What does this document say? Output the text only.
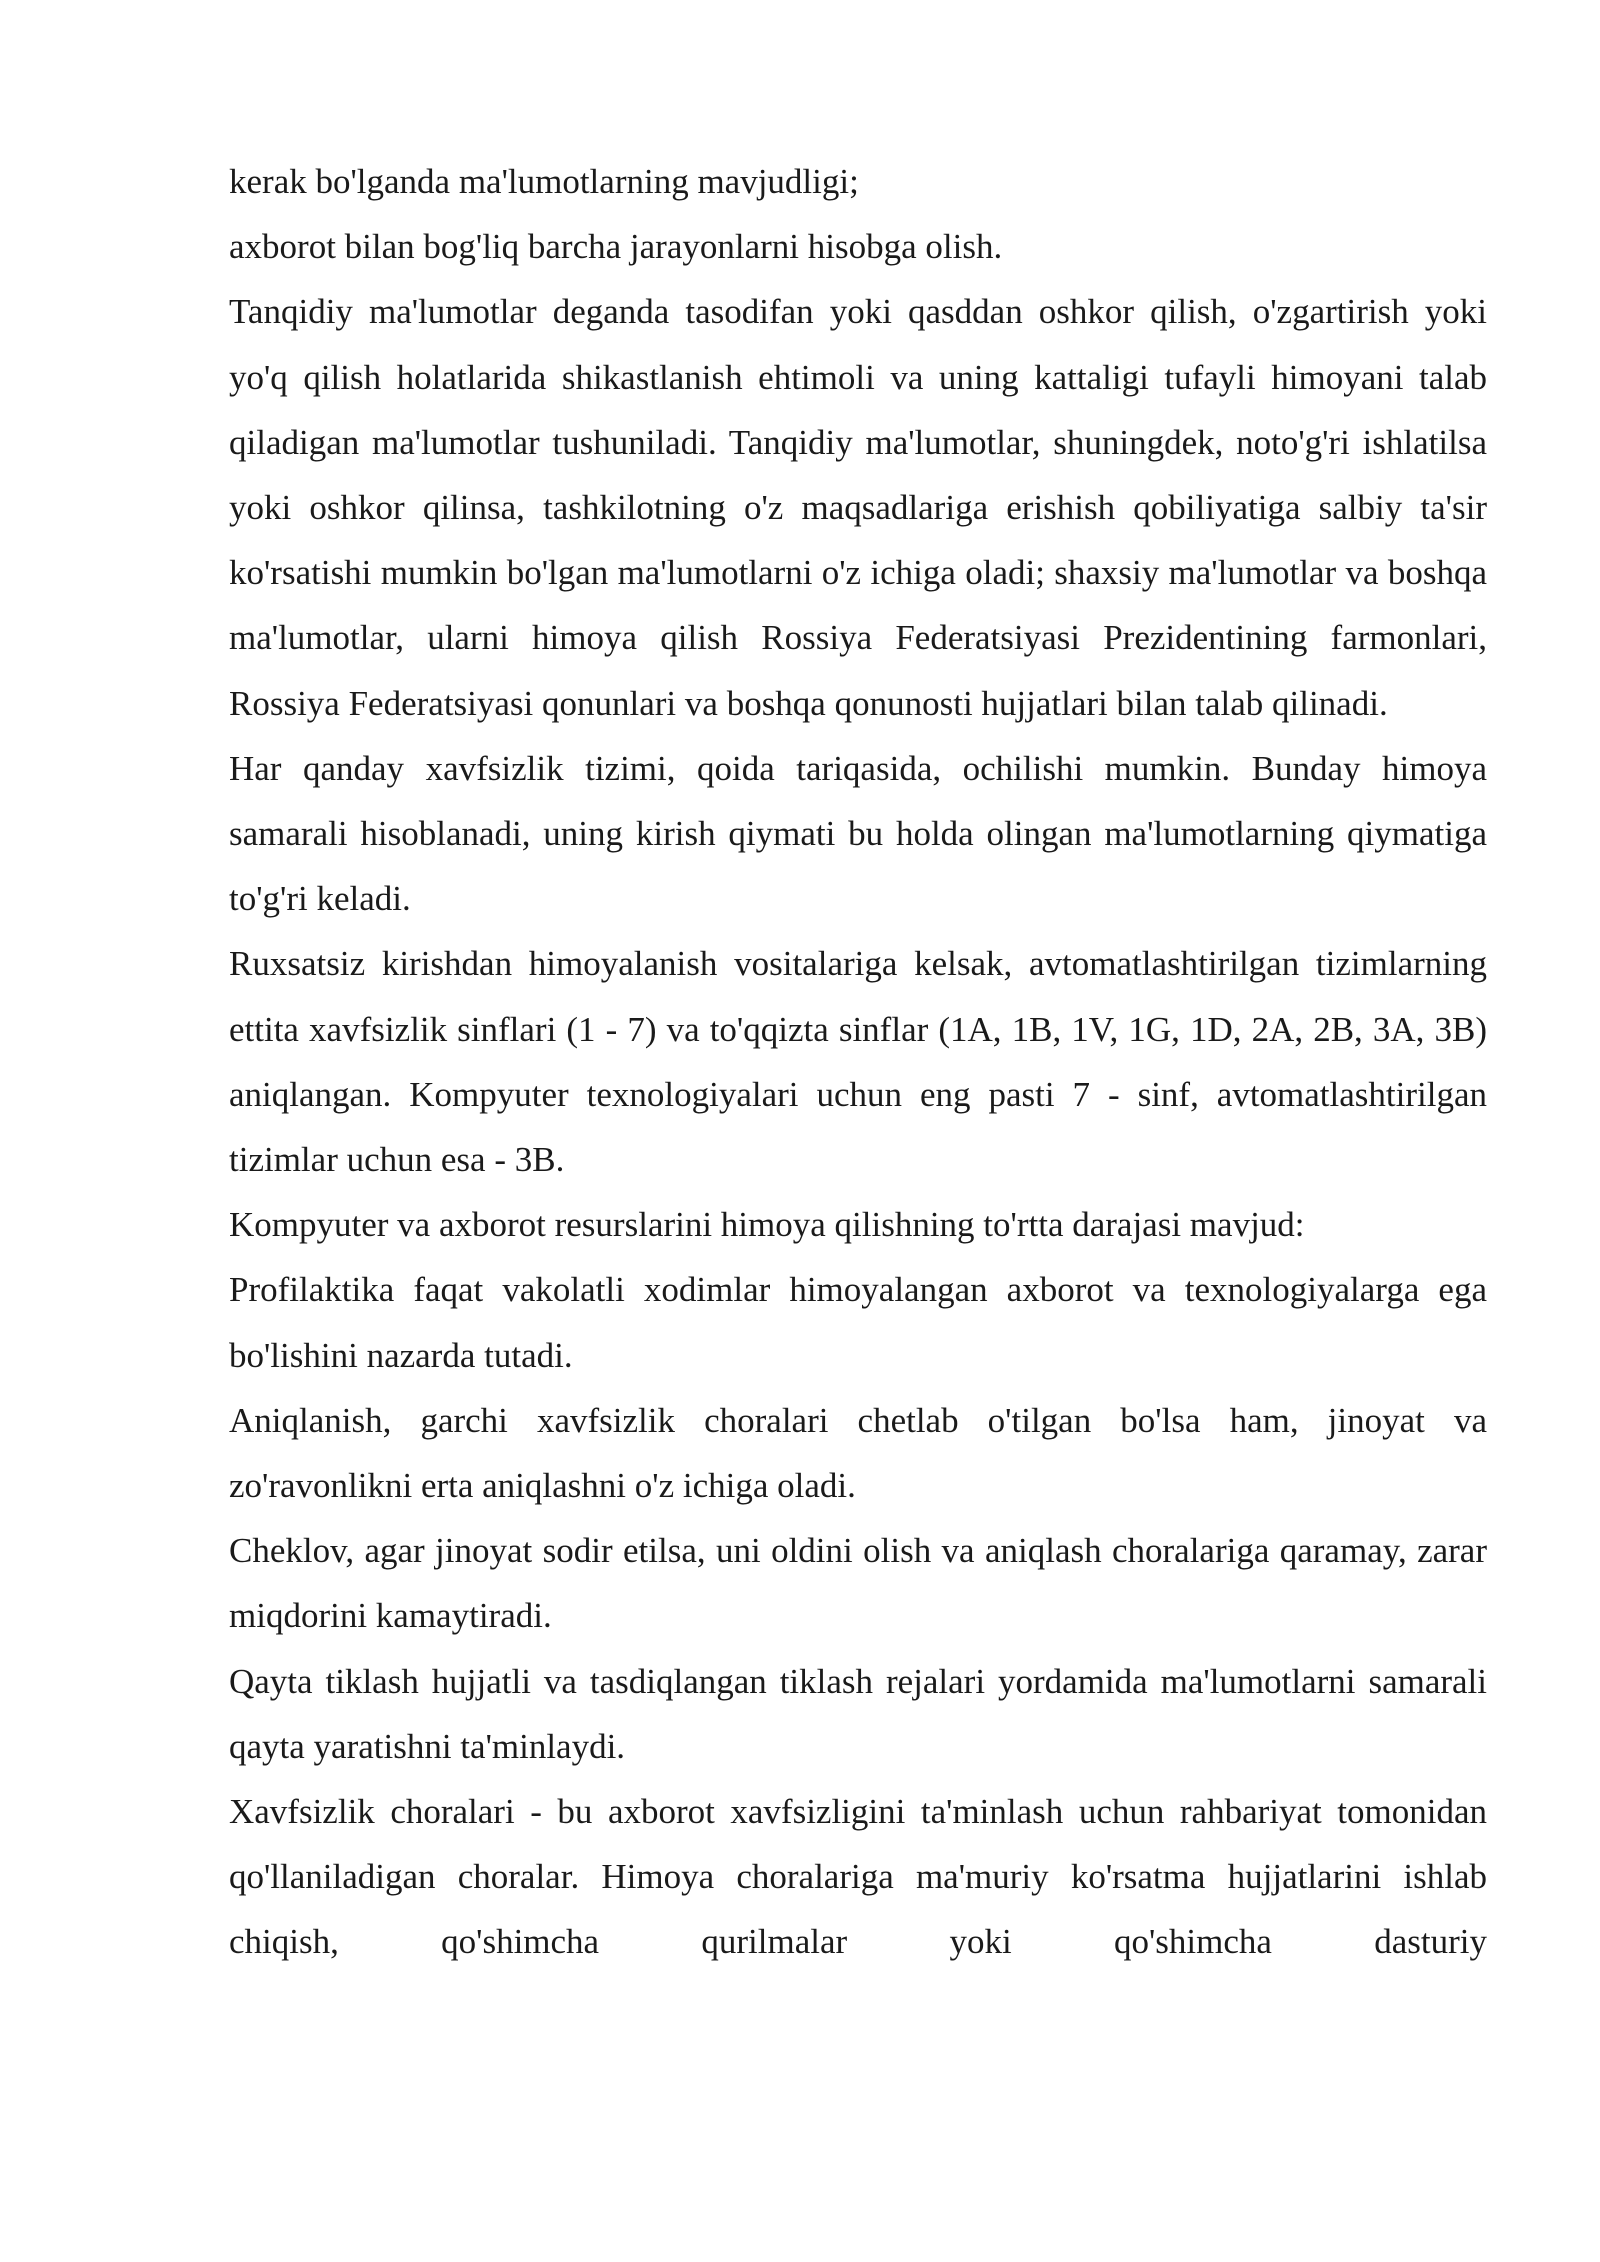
kerak bo'lganda ma'lumotlarning mavjudligi;

axborot bilan bog'liq barcha jarayonlarni hisobga olish.

Tanqidiy ma'lumotlar deganda tasodifan yoki qasddan oshkor qilish, o'zgartirish yoki yo'q qilish holatlarida shikastlanish ehtimoli va uning kattaligi tufayli himoyani talab qiladigan ma'lumotlar tushuniladi. Tanqidiy ma'lumotlar, shuningdek, noto'g'ri ishlatilsa yoki oshkor qilinsa, tashkilotning o'z maqsadlariga erishish qobiliyatiga salbiy ta'sir ko'rsatishi mumkin bo'lgan ma'lumotlarni o'z ichiga oladi; shaxsiy ma'lumotlar va boshqa ma'lumotlar, ularni himoya qilish Rossiya Federatsiyasi Prezidentining farmonlari, Rossiya Federatsiyasi qonunlari va boshqa qonunosti hujjatlari bilan talab qilinadi.

Har qanday xavfsizlik tizimi, qoida tariqasida, ochilishi mumkin. Bunday himoya samarali hisoblanadi, uning kirish qiymati bu holda olingan ma'lumotlarning qiymatiga to'g'ri keladi.

Ruxsatsiz kirishdan himoyalanish vositalariga kelsak, avtomatlashtirilgan tizimlarning ettita xavfsizlik sinflari (1 - 7) va to'qqizta sinflar (1A, 1B, 1V, 1G, 1D, 2A, 2B, 3A, 3B) aniqlangan. Kompyuter texnologiyalari uchun eng pasti 7 - sinf, avtomatlashtirilgan tizimlar uchun esa - 3B.

Kompyuter va axborot resurslarini himoya qilishning to'rtta darajasi mavjud:

Profilaktika faqat vakolatli xodimlar himoyalangan axborot va texnologiyalarga ega bo'lishini nazarda tutadi.

Aniqlanish, garchi xavfsizlik choralari chetlab o'tilgan bo'lsa ham, jinoyat va zo'ravonlikni erta aniqlashni o'z ichiga oladi.

Cheklov, agar jinoyat sodir etilsa, uni oldini olish va aniqlash choralariga qaramay, zarar miqdorini kamaytiradi.

Qayta tiklash hujjatli va tasdiqlangan tiklash rejalari yordamida ma'lumotlarni samarali qayta yaratishni ta'minlaydi.

Xavfsizlik choralari - bu axborot xavfsizligini ta'minlash uchun rahbariyat tomonidan qo'llaniladigan choralar. Himoya choralariga ma'muriy ko'rsatma hujjatlarini ishlab chiqish, qo'shimcha qurilmalar yoki qo'shimcha dasturiy
